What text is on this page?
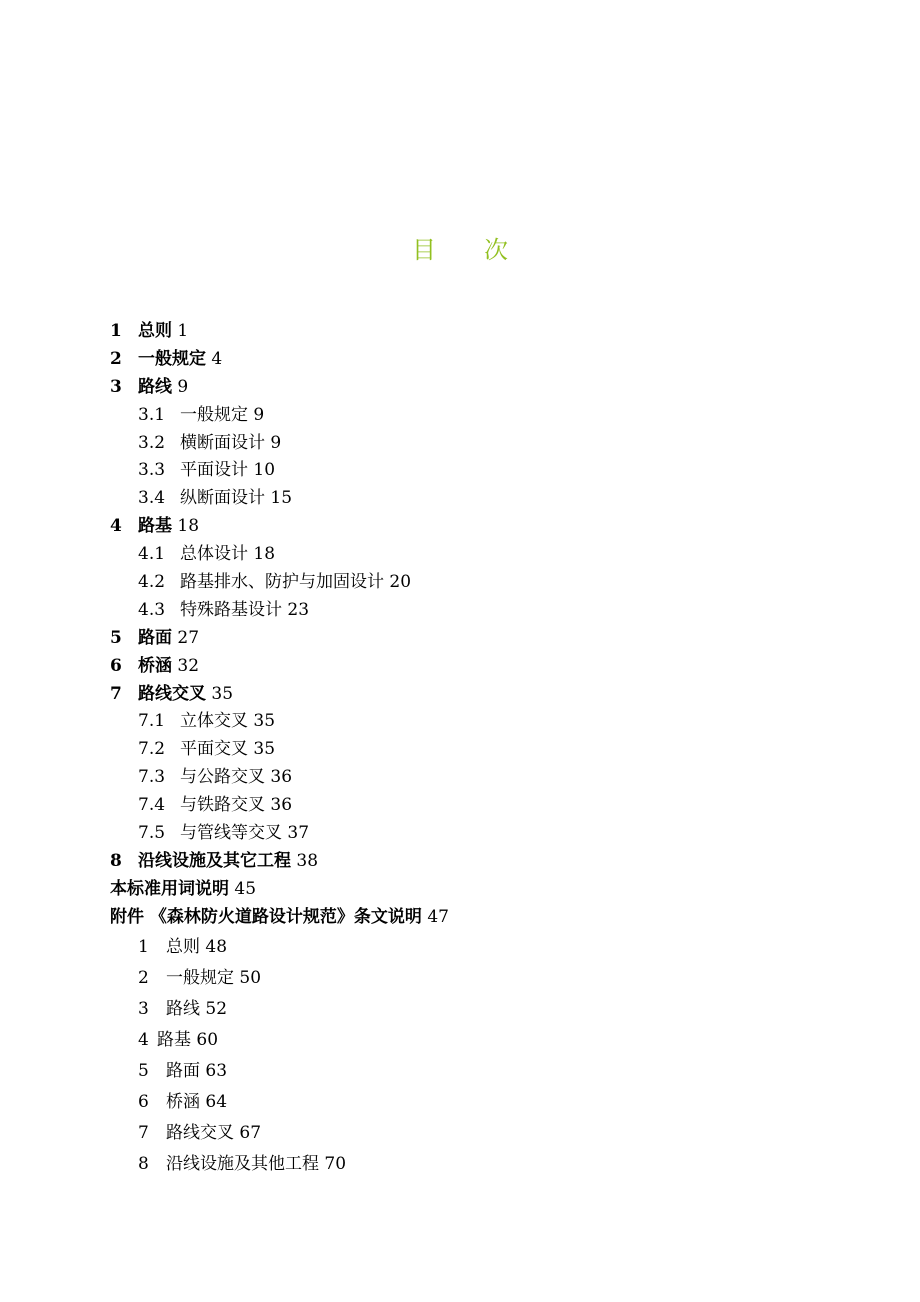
目 次
1 总则 1
2 一般规定 4
3 路线 9
3.1 一般规定 9
3.2 横断面设计 9
3.3 平面设计 10
3.4 纵断面设计 15
4 路基 18
4.1 总体设计 18
4.2 路基排水、防护与加固设计 20
4.3 特殊路基设计 23
5 路面 27
6 桥涵 32
7 路线交叉 35
7.1 立体交叉 35
7.2 平面交叉 35
7.3 与公路交叉 36
7.4 与铁路交叉 36
7.5 与管线等交叉 37
8 沿线设施及其它工程 38
本标准用词说明 45
附件 《森林防火道路设计规范》条文说明 47
1 总则 48
2 一般规定 50
3 路线 52
4 路基 60
5 路面 63
6 桥涵 64
7 路线交叉 67
8 沿线设施及其他工程 70
